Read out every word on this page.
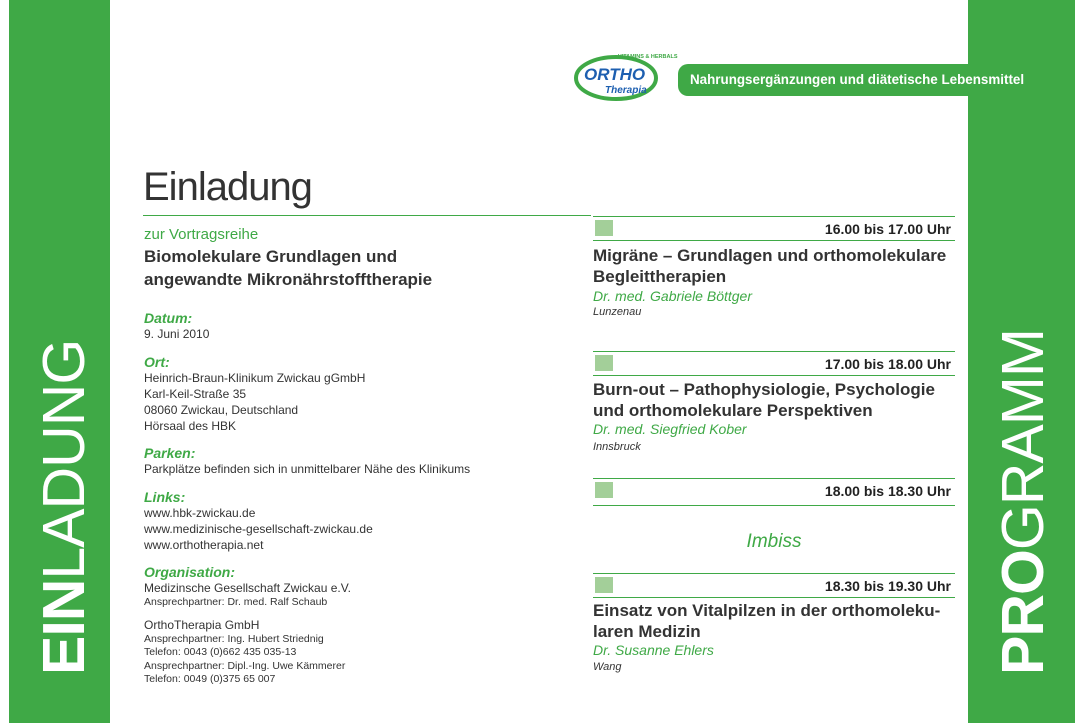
EINLADUNG
PROGRAMM
VITAMINS & HERBALS
ORTHO
Therapia
Nahrungsergänzungen und diätetische Lebensmittel
Einladung
zur Vortragsreihe
Biomolekulare Grundlagen und
angewandte Mikronährstofftherapie
Datum:
9. Juni 2010
Ort:
Heinrich-Braun-Klinikum Zwickau gGmbH
Karl-Keil-Straße 35
08060 Zwickau, Deutschland
Hörsaal des HBK
Parken:
Parkplätze befinden sich in unmittelbarer Nähe des Klinikums
Links:
www.hbk-zwickau.de
www.medizinische-gesellschaft-zwickau.de
www.orthotherapia.net
Organisation:
Medizinsche Gesellschaft Zwickau e.V.
Ansprechpartner: Dr. med. Ralf Schaub
OrthoTherapia GmbH
Ansprechpartner: Ing. Hubert Striednig
Telefon: 0043 (0)662 435 035-13
Ansprechpartner: Dipl.-Ing. Uwe Kämmerer
Telefon: 0049 (0)375 65 007
16.00 bis 17.00 Uhr
Migräne – Grundlagen und orthomolekulare
Begleittherapien
Dr. med. Gabriele Böttger
Lunzenau
17.00 bis 18.00 Uhr
Burn-out – Pathophysiologie, Psychologie
und orthomolekulare Perspektiven
Dr. med. Siegfried Kober
Innsbruck
18.00 bis 18.30 Uhr
Imbiss
18.30 bis 19.30 Uhr
Einsatz von Vitalpilzen in der orthomoleku-
laren Medizin
Dr. Susanne Ehlers
Wang
